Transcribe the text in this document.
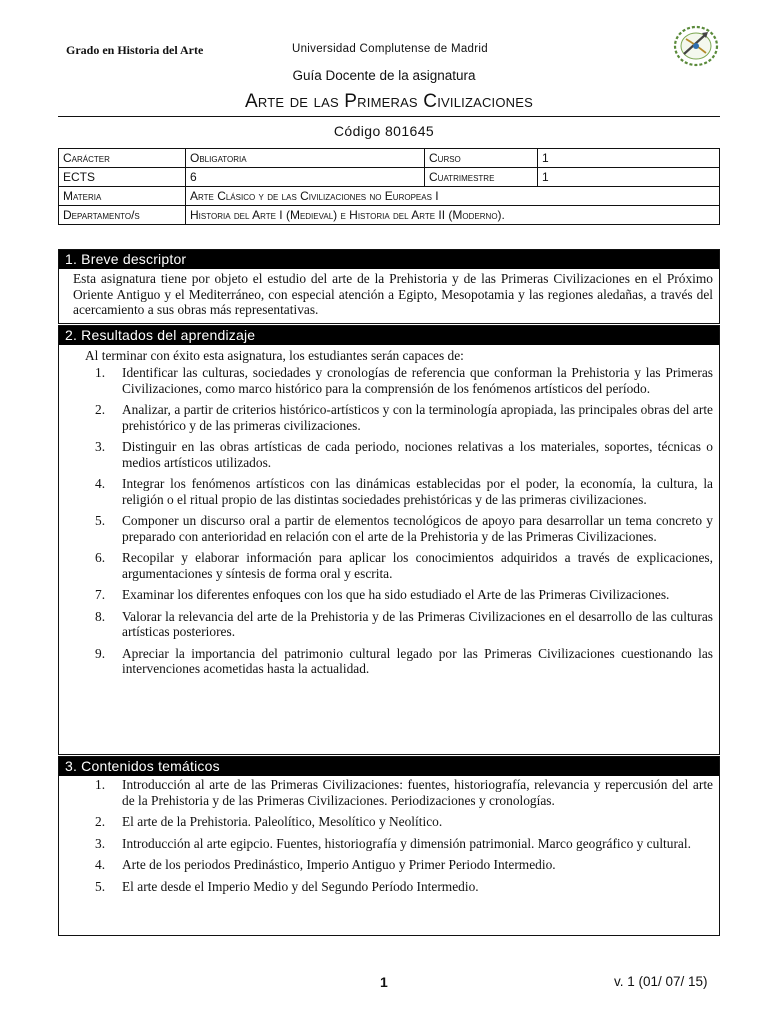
Grado en Historia del Arte	Universidad Complutense de Madrid
Guía Docente de la asignatura
Arte de las Primeras Civilizaciones
Código 801645
Carácter	Obligatoria	Curso	1
ECTS	6	Cuatrimestre	1
Materia	Arte Clásico y de las Civilizaciones no Europeas I		
Departamento/s	Historia del Arte I (Medieval) e Historia del Arte II (Moderno).		
1. Breve descriptor
Esta asignatura tiene por objeto el estudio del arte de la Prehistoria y de las Primeras Civilizaciones en el Próximo Oriente Antiguo y el Mediterráneo, con especial atención a Egipto, Mesopotamia y las regiones aledañas, a través del acercamiento a sus obras más representativas.
2. Resultados del aprendizaje
Al terminar con éxito esta asignatura, los estudiantes serán capaces de:
1. Identificar las culturas, sociedades y cronologías de referencia que conforman la Prehistoria y las Primeras Civilizaciones, como marco histórico para la comprensión de los fenómenos artísticos del período.
2. Analizar, a partir de criterios histórico-artísticos y con la terminología apropiada, las principales obras del arte prehistórico y de las primeras civilizaciones.
3. Distinguir en las obras artísticas de cada periodo, nociones relativas a los materiales, soportes, técnicas o medios artísticos utilizados.
4. Integrar los fenómenos artísticos con las dinámicas establecidas por el poder, la economía, la cultura, la religión o el ritual propio de las distintas sociedades prehistóricas y de las primeras civilizaciones.
5. Componer un discurso oral a partir de elementos tecnológicos de apoyo para desarrollar un tema concreto y preparado con anterioridad en relación con el arte de la Prehistoria y de las Primeras Civilizaciones.
6. Recopilar y elaborar información para aplicar los conocimientos adquiridos a través de explicaciones, argumentaciones y síntesis de forma oral y escrita.
7. Examinar los diferentes enfoques con los que ha sido estudiado el Arte de las Primeras Civilizaciones.
8. Valorar la relevancia del arte de la Prehistoria y de las Primeras Civilizaciones en el desarrollo de las culturas artísticas posteriores.
9. Apreciar la importancia del patrimonio cultural legado por las Primeras Civilizaciones cuestionando las intervenciones acometidas hasta la actualidad.
3. Contenidos temáticos
1. Introducción al arte de las Primeras Civilizaciones: fuentes, historiografía, relevancia y repercusión del arte de la Prehistoria y de las Primeras Civilizaciones. Periodizaciones y cronologías.
2. El arte de la Prehistoria. Paleolítico, Mesolítico y Neolítico.
3. Introducción al arte egipcio. Fuentes, historiografía y dimensión patrimonial. Marco geográfico y cultural.
4. Arte de los periodos Predinástico, Imperio Antiguo y Primer Periodo Intermedio.
5. El arte desde el Imperio Medio y del Segundo Período Intermedio.
1	v. 1 (01/ 07/ 15)
